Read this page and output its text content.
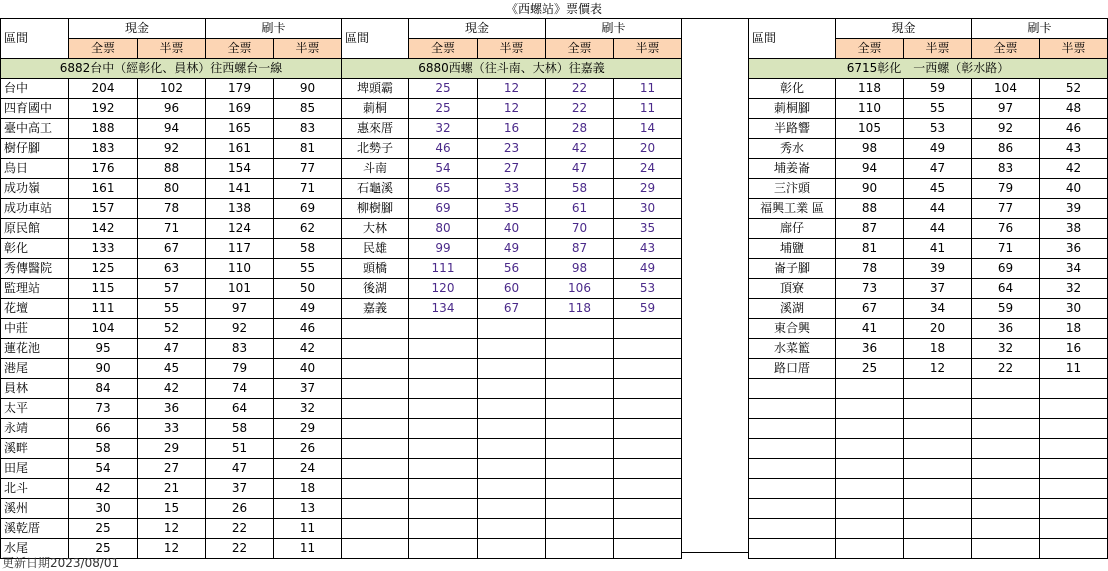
《西螺站》票價表
區間	現金		刷卡	
	全票	半票	全票	半票
6882台中（經彰化、員林）往西螺台一線				
台中	204	102	179	90
四育國中	192	96	169	85
臺中高工	188	94	165	83
樹仔腳	183	92	161	81
烏日	176	88	154	77
成功嶺	161	80	141	71
成功車站	157	78	138	69
原民館	142	71	124	62
彰化	133	67	117	58
秀傳醫院	125	63	110	55
監理站	115	57	101	50
花壇	111	55	97	49
中莊	104	52	92	46
蓮花池	95	47	83	42
港尾	90	45	79	40
員林	84	42	74	37
太平	73	36	64	32
永靖	66	33	58	29
溪畔	58	29	51	26
田尾	54	27	47	24
北斗	42	21	37	18
溪州	30	15	26	13
溪乾厝	25	12	22	11
水尾	25	12	22	11
區間	現金		刷卡	
	全票	半票	全票	半票
6880西螺（往斗南、大林）往嘉義				
埤頭霸	25	12	22	11
莿桐	25	12	22	11
惠來厝	32	16	28	14
北勢子	46	23	42	20
斗南	54	27	47	24
石龜溪	65	33	58	29
柳樹腳	69	35	61	30
大林	80	40	70	35
民雄	99	49	87	43
頭橋	111	56	98	49
後湖	120	60	106	53
嘉義	134	67	118	59

區間	現金		刷卡	
	全票	半票	全票	半票
6715彰化　一西螺（彰水路）				
彰化	118	59	104	52
莿桐腳	110	55	97	48
半路響	105	53	92	46
秀水	98	49	86	43
埔姜崙	94	47	83	42
三汴頭	90	45	79	40
福興工業 區	88	44	77	39
廍仔	87	44	76	38
埔鹽	81	41	71	36
崙子腳	78	39	69	34
頂寮	73	37	64	32
溪湖	67	34	59	30
東合興	41	20	36	18
水菜籃	36	18	32	16
路口厝	25	12	22	11

更新日期2023/08/01
